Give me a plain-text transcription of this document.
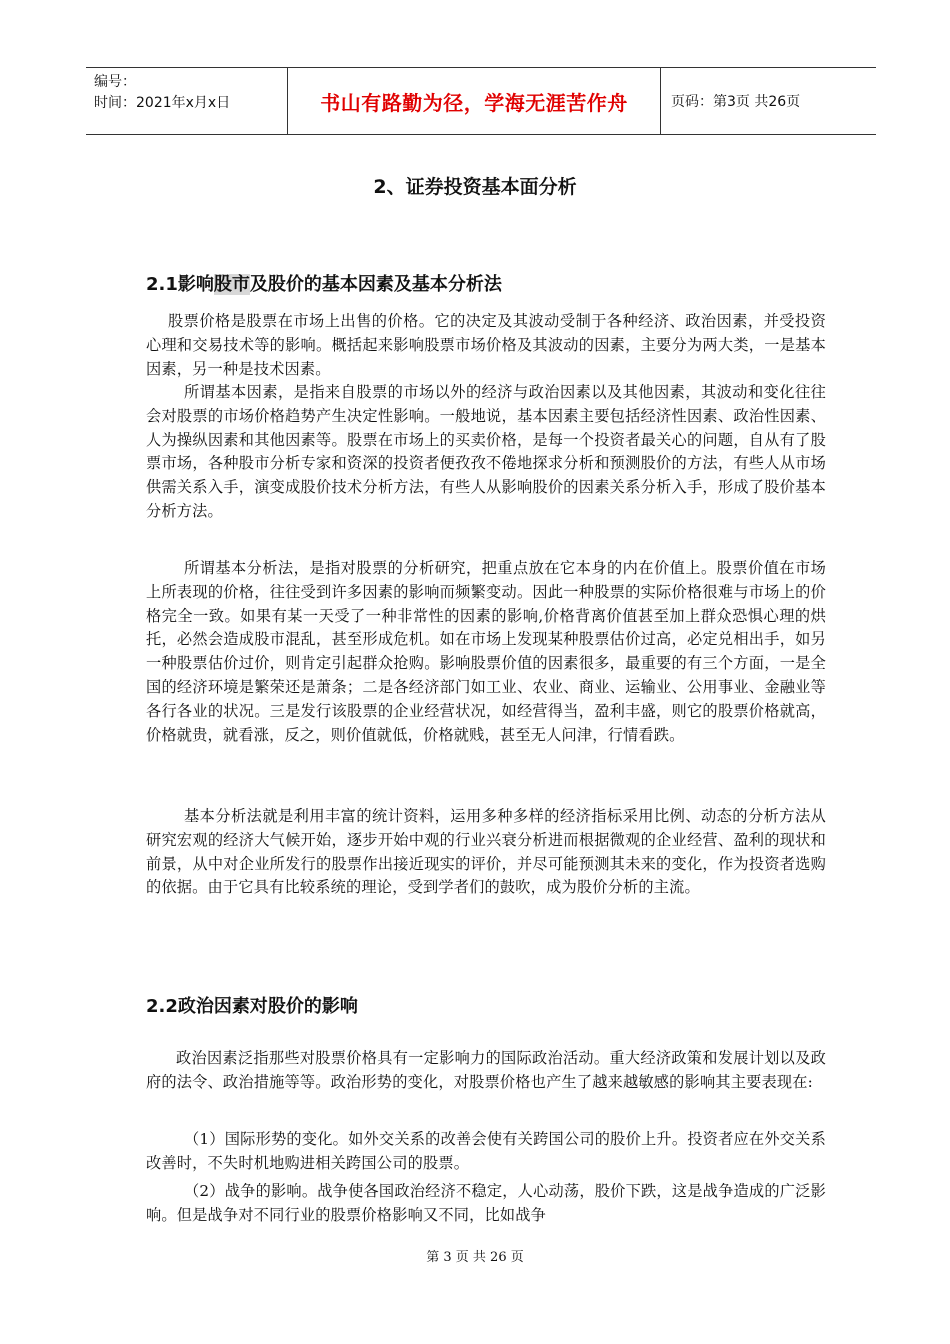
编号：
时间：2021年x月x日	书山有路勤为径，学海无涯苦作舟	页码：第3页 共26页
2、证券投资基本面分析
2.1影响股市及股价的基本因素及基本分析法

股票价格是股票在市场上出售的价格。它的决定及其波动受制于各种经济、政治因素，并受投资心理和交易技术等的影响。概括起来影响股票市场价格及其波动的因素，主要分为两大类，一是基本因素，另一种是技术因素。

所谓基本因素，是指来自股票的市场以外的经济与政治因素以及其他因素，其波动和变化往往会对股票的市场价格趋势产生决定性影响。一般地说，基本因素主要包括经济性因素、政治性因素、人为操纵因素和其他因素等。股票在市场上的买卖价格，是每一个投资者最关心的问题，自从有了股票市场，各种股市分析专家和资深的投资者便孜孜不倦地探求分析和预测股价的方法，有些人从市场供需关系入手，演变成股价技术分析方法，有些人从影响股价的因素关系分析入手，形成了股价基本分析方法。

所谓基本分析法，是指对股票的分析研究，把重点放在它本身的内在价值上。股票价值在市场上所表现的价格，往往受到许多因素的影响而频繁变动。因此一种股票的实际价格很难与市场上的价格完全一致。如果有某一天受了一种非常性的因素的影响,价格背离价值甚至加上群众恐惧心理的烘托，必然会造成股市混乱，甚至形成危机。如在市场上发现某种股票估价过高，必定兑相出手，如另一种股票估价过价，则肯定引起群众抢购。影响股票价值的因素很多，最重要的有三个方面，一是全国的经济环境是繁荣还是萧条；二是各经济部门如工业、农业、商业、运输业、公用事业、金融业等各行各业的状况。三是发行该股票的企业经营状况，如经营得当，盈利丰盛，则它的股票价格就高，价格就贵，就看涨，反之，则价值就低，价格就贱，甚至无人问津，行情看跌。

基本分析法就是利用丰富的统计资料，运用多种多样的经济指标采用比例、动态的分析方法从研究宏观的经济大气候开始，逐步开始中观的行业兴衰分析进而根据微观的企业经营、盈利的现状和前景，从中对企业所发行的股票作出接近现实的评价，并尽可能预测其未来的变化，作为投资者选购的依据。由于它具有比较系统的理论，受到学者们的鼓吹，成为股价分析的主流。

2.2政治因素对股价的影响

政治因素泛指那些对股票价格具有一定影响力的国际政治活动。重大经济政策和发展计划以及政府的法令、政治措施等等。政治形势的变化，对股票价格也产生了越来越敏感的影响其主要表现在:

（1）国际形势的变化。如外交关系的改善会使有关跨国公司的股价上升。投资者应在外交关系改善时，不失时机地购进相关跨国公司的股票。

（2）战争的影响。战争使各国政治经济不稳定，人心动荡，股价下跌，这是战争造成的广泛影响。但是战争对不同行业的股票价格影响又不同，比如战争

第 3 页 共 26 页
